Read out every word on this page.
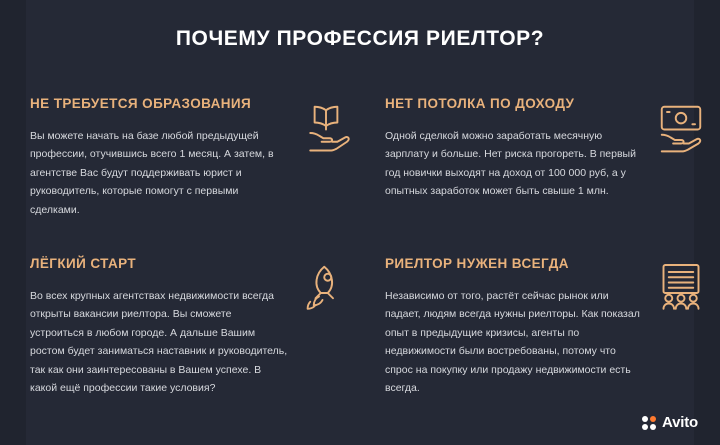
ПОЧЕМУ ПРОФЕССИЯ РИЕЛТОР?
НЕ ТРЕБУЕТСЯ ОБРАЗОВАНИЯ

Вы можете начать на базе любой предыдущей профессии, отучившись всего 1 месяц. А затем, в агентстве Вас будут поддерживать юрист и руководитель, которые помогут с первыми сделками.

НЕТ ПОТОЛКА ПО ДОХОДУ

Одной сделкой можно заработать месячную зарплату и больше. Нет риска прогореть. В первый год новички выходят на доход от 100 000 руб, а у опытных заработок может быть свыше 1 млн.

ЛЁГКИЙ СТАРТ

Во всех крупных агентствах недвижимости всегда открыты вакансии риелтора. Вы сможете устроиться в любом городе. А дальше Вашим ростом будет заниматься наставник и руководитель, так как они заинтересованы в Вашем успехе. В какой ещё профессии такие условия?

РИЕЛТОР НУЖЕН ВСЕГДА

Независимо от того, растёт сейчас рынок или падает, людям всегда нужны риелторы. Как показал опыт в предыдущие кризисы, агенты по недвижимости были востребованы, потому что спрос на покупку или продажу недвижимости есть всегда.

Avito
